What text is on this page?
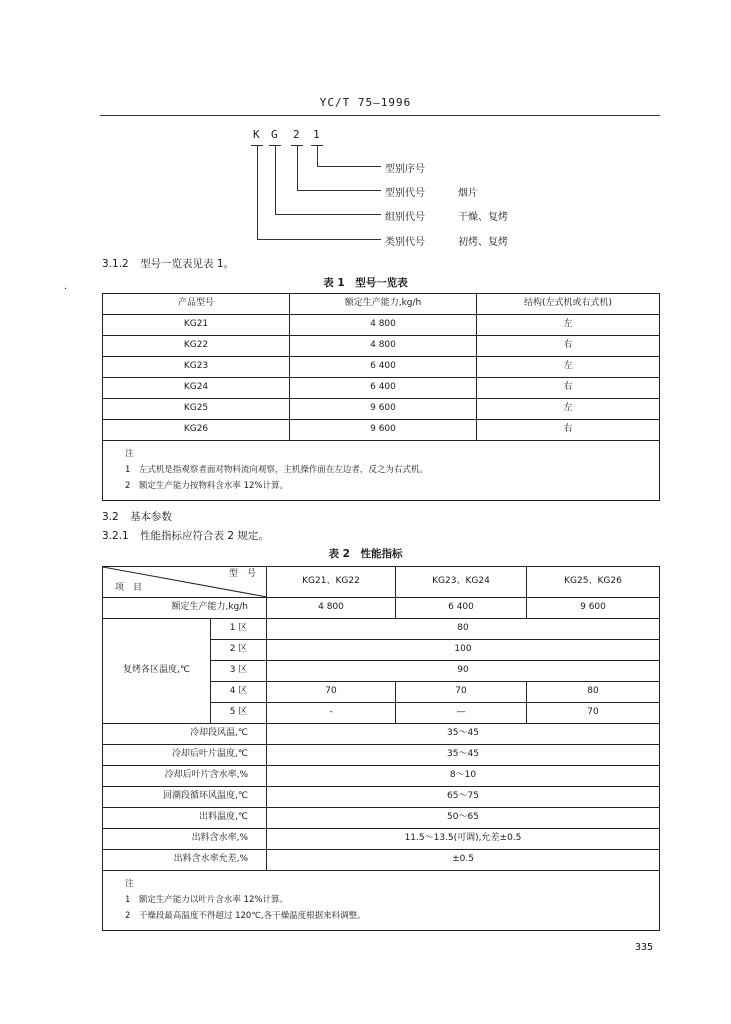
YC/T 75—1996
K G 2 1
型别序号
型别代号	烟片
组别代号	干燥、复烤
类别代号	初烤、复烤
3.1.2 型号一览表见表 1。
·
表 1　型号一览表
产品型号	额定生产能力,kg/h	结构(左式机或右式机)
KG21	4 800	左
KG22	4 800	右
KG23	6 400	左
KG24	6 400	右
KG25	9 600	左
KG26	9 600	右

注
1　左式机是指观察者面对物料流向观察，主机操作面在左边者，反之为右式机。
2　额定生产能力按物料含水率 12%计算。		
3.2 基本参数
3.2.1 性能指标应符合表 2 规定。
表 2　性能指标
型　号
项　目		KG21、KG22	KG23、KG24	KG25、KG26
额定生产能力,kg/h		4 800	6 400	9 600
复烤各区温度,℃	1 区	80		
	2 区	100		
	3 区	90		
	4 区	70	70	80
	5 区	-	—	70
冷却段风温,℃		35～45		
冷却后叶片温度,℃		35～45		
冷却后叶片含水率,%		8～10		
回潮段循环风温度,℃		65～75		
出料温度,℃		50～65		
出料含水率,%		11.5～13.5(可调),允差±0.5		
出料含水率允差,%		±0.5		

注
1　额定生产能力以叶片含水率 12%计算。
2　干燥段最高温度不得超过 120℃,各干燥温度根据来料调整。				
335
